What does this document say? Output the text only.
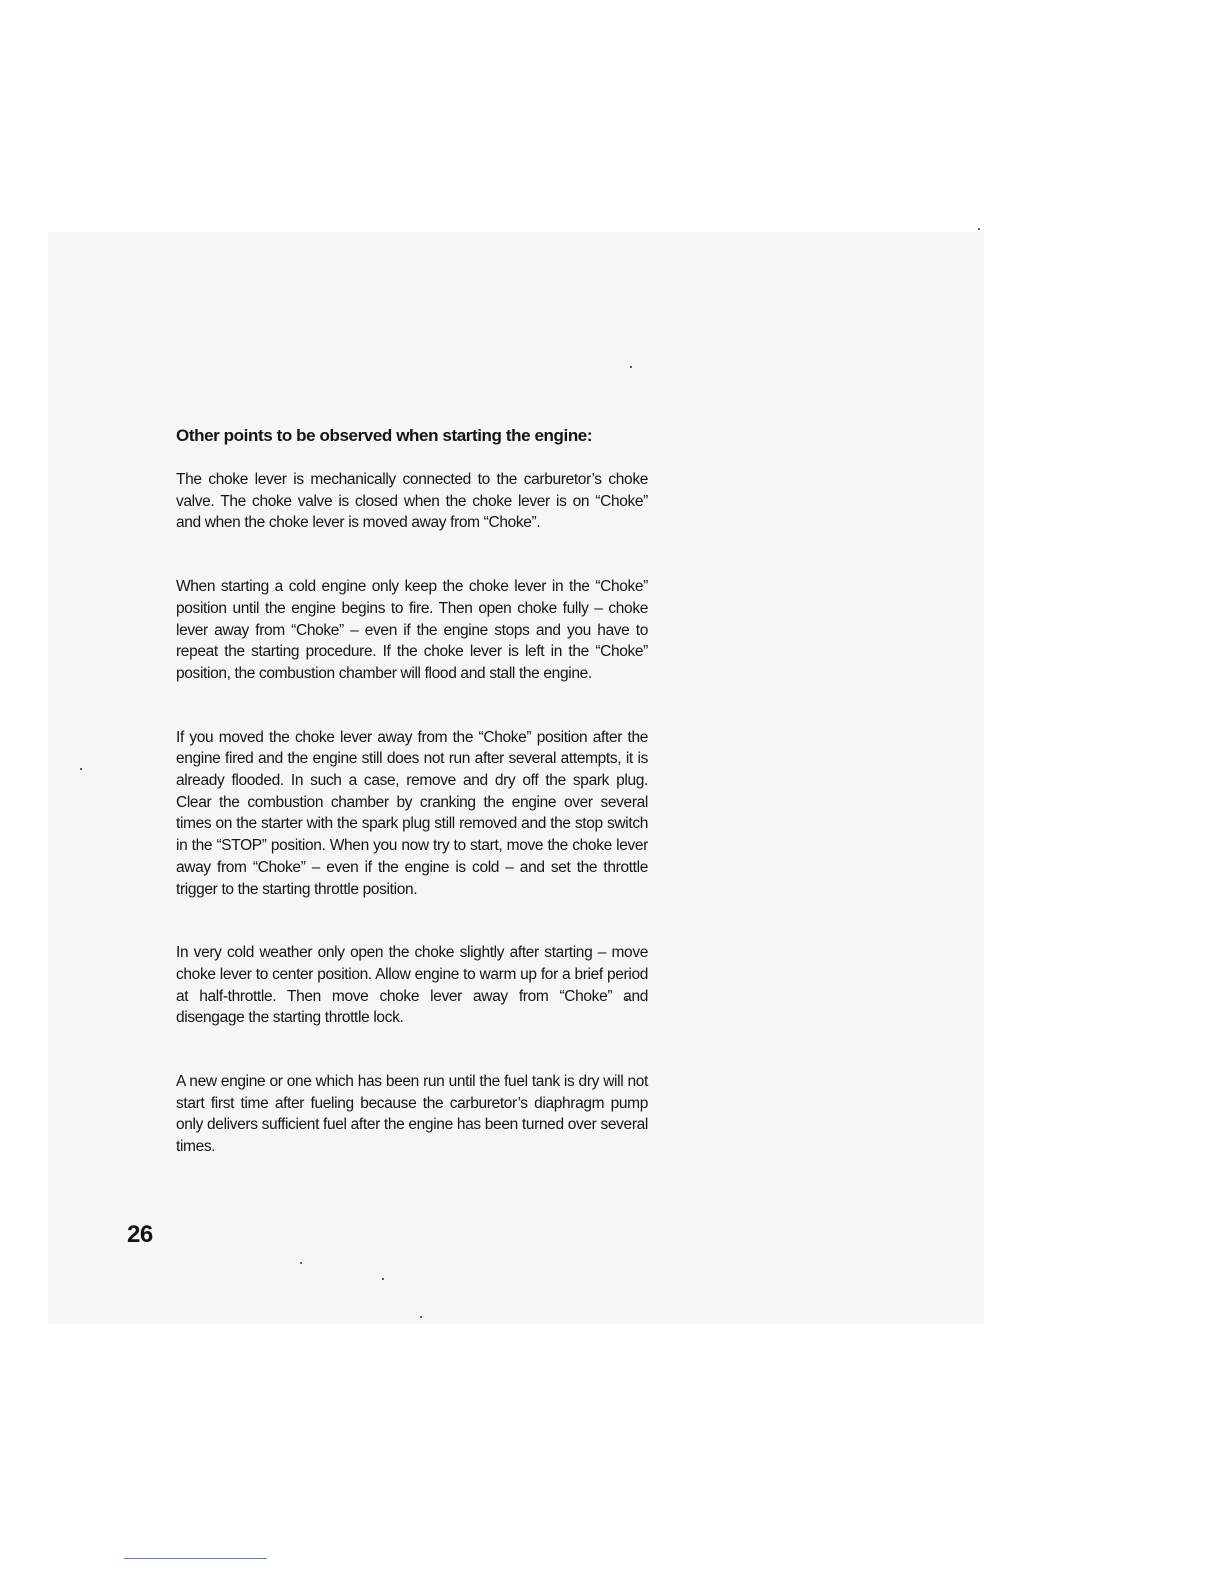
Other points to be observed when starting the engine:

The choke lever is mechanically connected to the carburetor’s choke valve. The choke valve is closed when the choke lever is on “Choke” and when the choke lever is moved away from “Choke”.

When starting a cold engine only keep the choke lever in the “Choke” position until the engine begins to fire. Then open choke fully – choke lever away from “Choke” – even if the engine stops and you have to repeat the starting procedure. If the choke lever is left in the “Choke” position, the combustion chamber will flood and stall the engine.

If you moved the choke lever away from the “Choke” position after the engine fired and the engine still does not run after several attempts, it is already flooded. In such a case, remove and dry off the spark plug. Clear the combustion chamber by cranking the engine over several times on the starter with the spark plug still removed and the stop switch in the “STOP” position. When you now try to start, move the choke lever away from “Choke” – even if the engine is cold – and set the throttle trigger to the starting throttle position.

In very cold weather only open the choke slightly after starting – move choke lever to center position. Allow engine to warm up for a brief period at half-throttle. Then move choke lever away from “Choke” and disengage the starting throttle lock.

A new engine or one which has been run until the fuel tank is dry will not start first time after fueling because the carburetor’s diaphragm pump only delivers sufficient fuel after the engine has been turned over several times.

26
